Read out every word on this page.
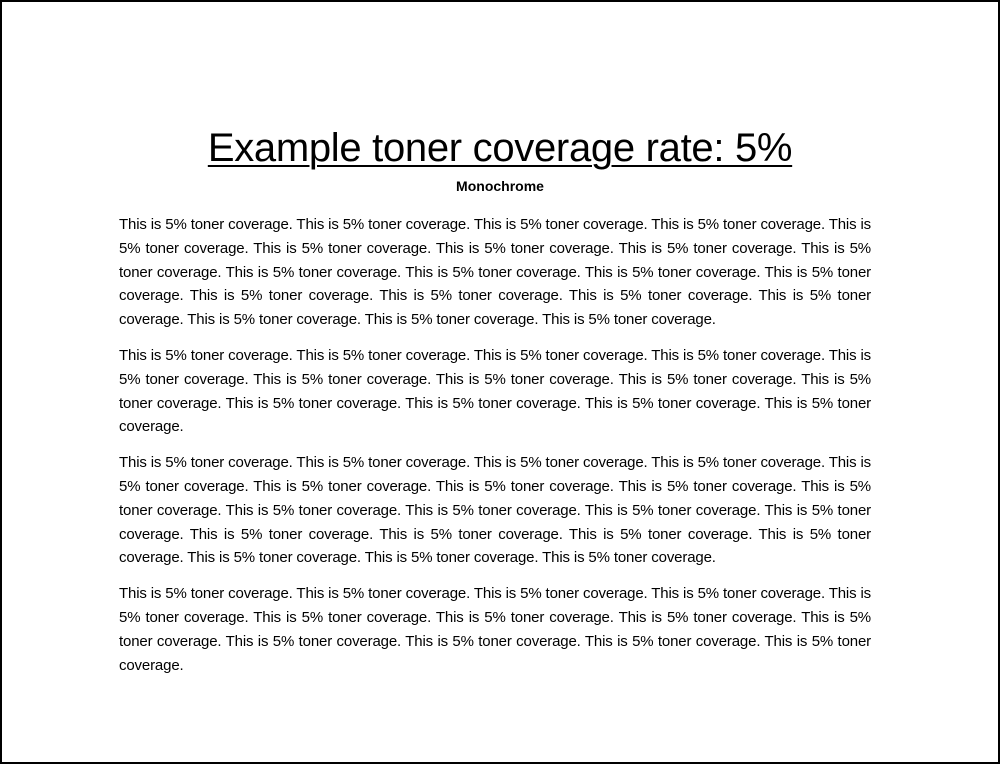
Example toner coverage rate: 5%
Monochrome

This is 5% toner coverage. This is 5% toner coverage. This is 5% toner coverage. This is 5% toner coverage. This is 5% toner coverage. This is 5% toner coverage. This is 5% toner coverage. This is 5% toner coverage. This is 5% toner coverage. This is 5% toner coverage. This is 5% toner coverage. This is 5% toner coverage. This is 5% toner coverage. This is 5% toner coverage. This is 5% toner coverage. This is 5% toner coverage. This is 5% toner coverage. This is 5% toner coverage. This is 5% toner coverage. This is 5% toner coverage.

This is 5% toner coverage. This is 5% toner coverage. This is 5% toner coverage. This is 5% toner coverage. This is 5% toner coverage. This is 5% toner coverage. This is 5% toner coverage. This is 5% toner coverage. This is 5% toner coverage. This is 5% toner coverage. This is 5% toner coverage. This is 5% toner coverage. This is 5% toner coverage.

This is 5% toner coverage. This is 5% toner coverage. This is 5% toner coverage. This is 5% toner coverage. This is 5% toner coverage. This is 5% toner coverage. This is 5% toner coverage. This is 5% toner coverage. This is 5% toner coverage. This is 5% toner coverage. This is 5% toner coverage. This is 5% toner coverage. This is 5% toner coverage. This is 5% toner coverage. This is 5% toner coverage. This is 5% toner coverage. This is 5% toner coverage. This is 5% toner coverage. This is 5% toner coverage. This is 5% toner coverage.

This is 5% toner coverage. This is 5% toner coverage. This is 5% toner coverage. This is 5% toner coverage. This is 5% toner coverage. This is 5% toner coverage. This is 5% toner coverage. This is 5% toner coverage. This is 5% toner coverage. This is 5% toner coverage. This is 5% toner coverage. This is 5% toner coverage. This is 5% toner coverage.
